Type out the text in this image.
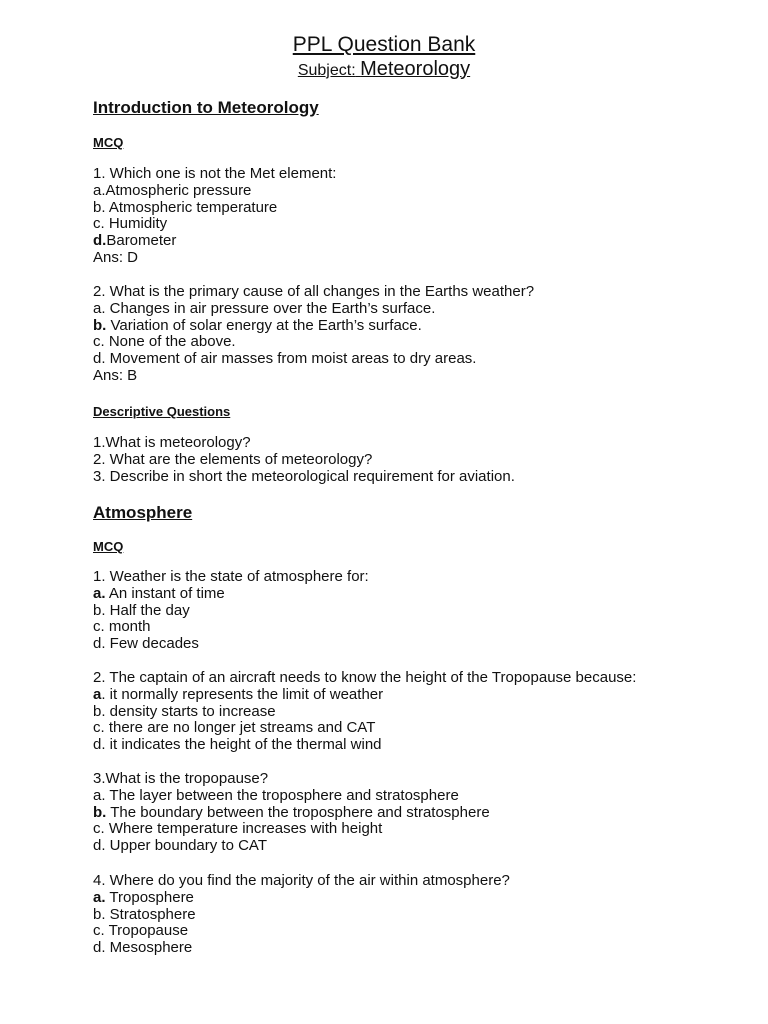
PPL Question Bank
Subject: Meteorology
Introduction to Meteorology
MCQ
1. Which one is not the Met element:
a.Atmospheric pressure
b. Atmospheric temperature
c. Humidity
d.Barometer
Ans: D
2. What is the primary cause of all changes in the Earths weather?
a. Changes in air pressure over the Earth’s surface.
b. Variation of solar energy at the Earth’s surface.
c. None of the above.
d. Movement of air masses from moist areas to dry areas.
Ans: B
Descriptive Questions
1.What is meteorology?
2. What are the elements of meteorology?
3. Describe in short the meteorological requirement for aviation.
Atmosphere
MCQ
1. Weather is the state of atmosphere for:
a. An instant of time
b. Half the day
c. month
d. Few decades
2. The captain of an aircraft needs to know the height of the Tropopause because:
a. it normally represents the limit of weather
b. density starts to increase
c. there are no longer jet streams and CAT
d. it indicates the height of the thermal wind
3.What is the tropopause?
a. The layer between the troposphere and stratosphere
b. The boundary between the troposphere and stratosphere
c. Where temperature increases with height
d. Upper boundary to CAT
4. Where do you find the majority of the air within atmosphere?
a. Troposphere
b. Stratosphere
c. Tropopause
d. Mesosphere
